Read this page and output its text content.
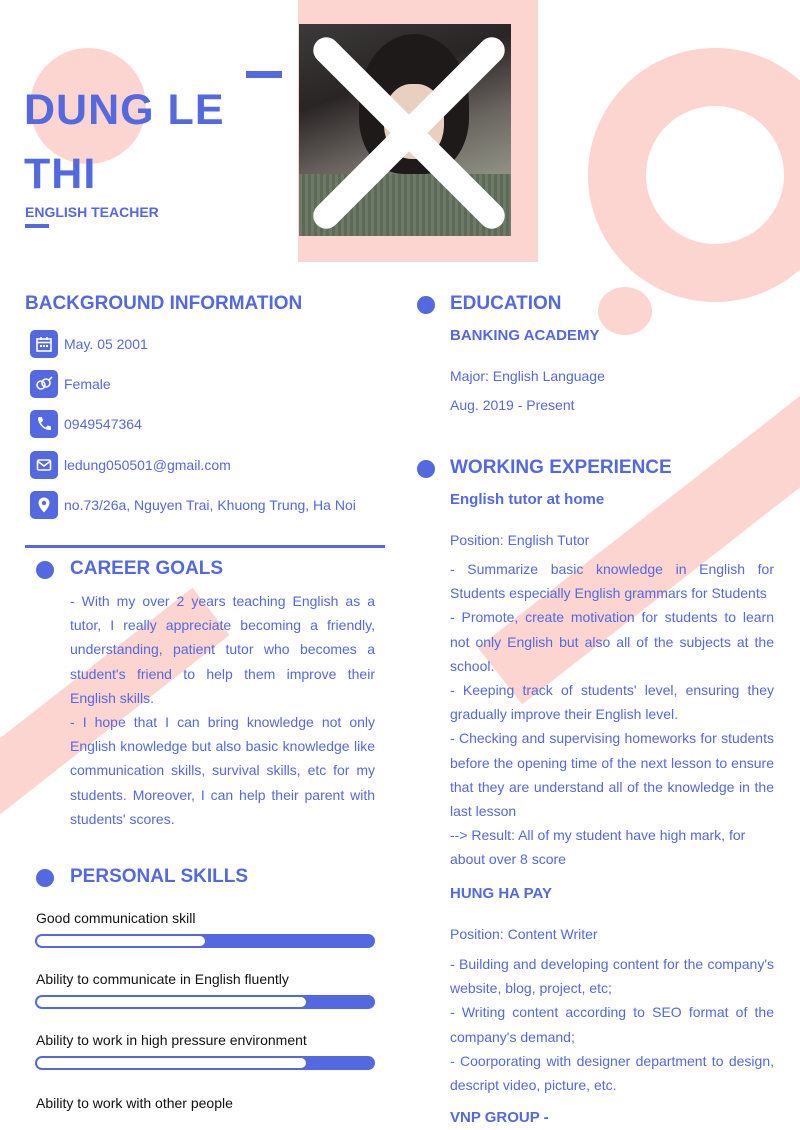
DUNG LE
THI
ENGLISH TEACHER
BACKGROUND INFORMATION
May. 05 2001
Female
0949547364
ledung050501@gmail.com
no.73/26a, Nguyen Trai, Khuong Trung, Ha Noi
CAREER GOALS
- With my over 2 years teaching English as a tutor, I really appreciate becoming a friendly, understanding, patient tutor who becomes a student's friend to help them improve their English skills.
- I hope that I can bring knowledge not only English knowledge but also basic knowledge like communication skills, survival skills, etc for my students. Moreover, I can help their parent with students' scores.
PERSONAL SKILLS
Good communication skill
Ability to communicate in English fluently
Ability to work in high pressure environment
Ability to work with other people
EDUCATION
BANKING ACADEMY
Major: English Language
Aug. 2019 - Present
WORKING EXPERIENCE
English tutor at home
Position: English Tutor
- Summarize basic knowledge in English for Students especially English grammars for Students
- Promote, create motivation for students to learn not only English but also all of the subjects at the school.
- Keeping track of students' level, ensuring they gradually improve their English level.
- Checking and supervising homeworks for students before the opening time of the next lesson to ensure that they are understand all of the knowledge in the last lesson
--> Result: All of my student have high mark, for about over 8 score
HUNG HA PAY
Position: Content Writer
- Building and developing content for the company's website, blog, project, etc;
- Writing content according to SEO format of the company's demand;
- Coorporating with designer department to design, descript video, picture, etc.
VNP GROUP -
